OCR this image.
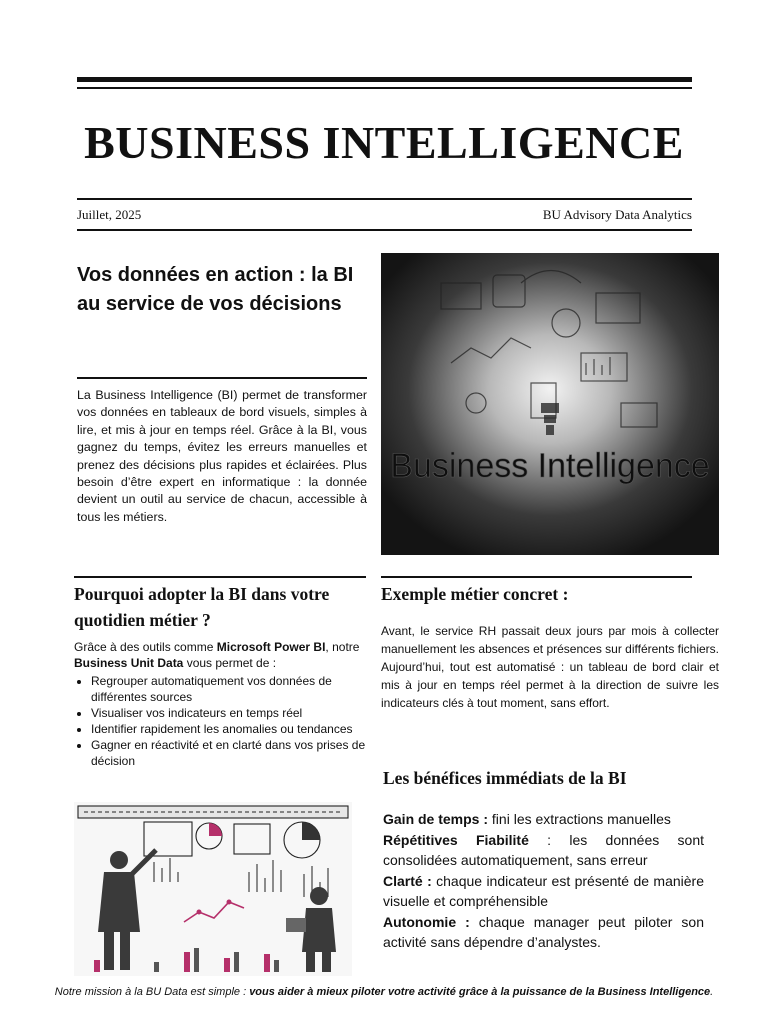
BUSINESS INTELLIGENCE
Juillet, 2025	BU Advisory Data Analytics
Vos données en action : la BI au service de vos décisions
La Business Intelligence (BI) permet de transformer vos données en tableaux de bord visuels, simples à lire, et mis à jour en temps réel. Grâce à la BI, vous gagnez du temps, évitez les erreurs manuelles et prenez des décisions plus rapides et éclairées. Plus besoin d’être expert en informatique : la donnée devient un outil au service de chacun, accessible à tous les métiers.
Business Intelligence
Pourquoi adopter la BI dans votre quotidien métier ?
Grâce à des outils comme Microsoft Power BI, notre Business Unit Data vous permet de :
• Regrouper automatiquement vos données de différentes sources
• Visualiser vos indicateurs en temps réel
• Identifier rapidement les anomalies ou tendances
• Gagner en réactivité et en clarté dans vos prises de décision
Exemple métier concret :
Avant, le service RH passait deux jours par mois à collecter manuellement les absences et présences sur différents fichiers. Aujourd’hui, tout est automatisé : un tableau de bord clair et mis à jour en temps réel permet à la direction de suivre les indicateurs clés à tout moment, sans effort.
Les bénéfices immédiats de la BI

Gain de temps : fini les extractions manuelles

Répétitives Fiabilité : les données sont consolidées automatiquement, sans erreur

Clarté : chaque indicateur est présenté de manière visuelle et compréhensible

Autonomie : chaque manager peut piloter son activité sans dépendre d’analystes.

Notre mission à la BU Data est simple : vous aider à mieux piloter votre activité grâce à la puissance de la Business Intelligence.
